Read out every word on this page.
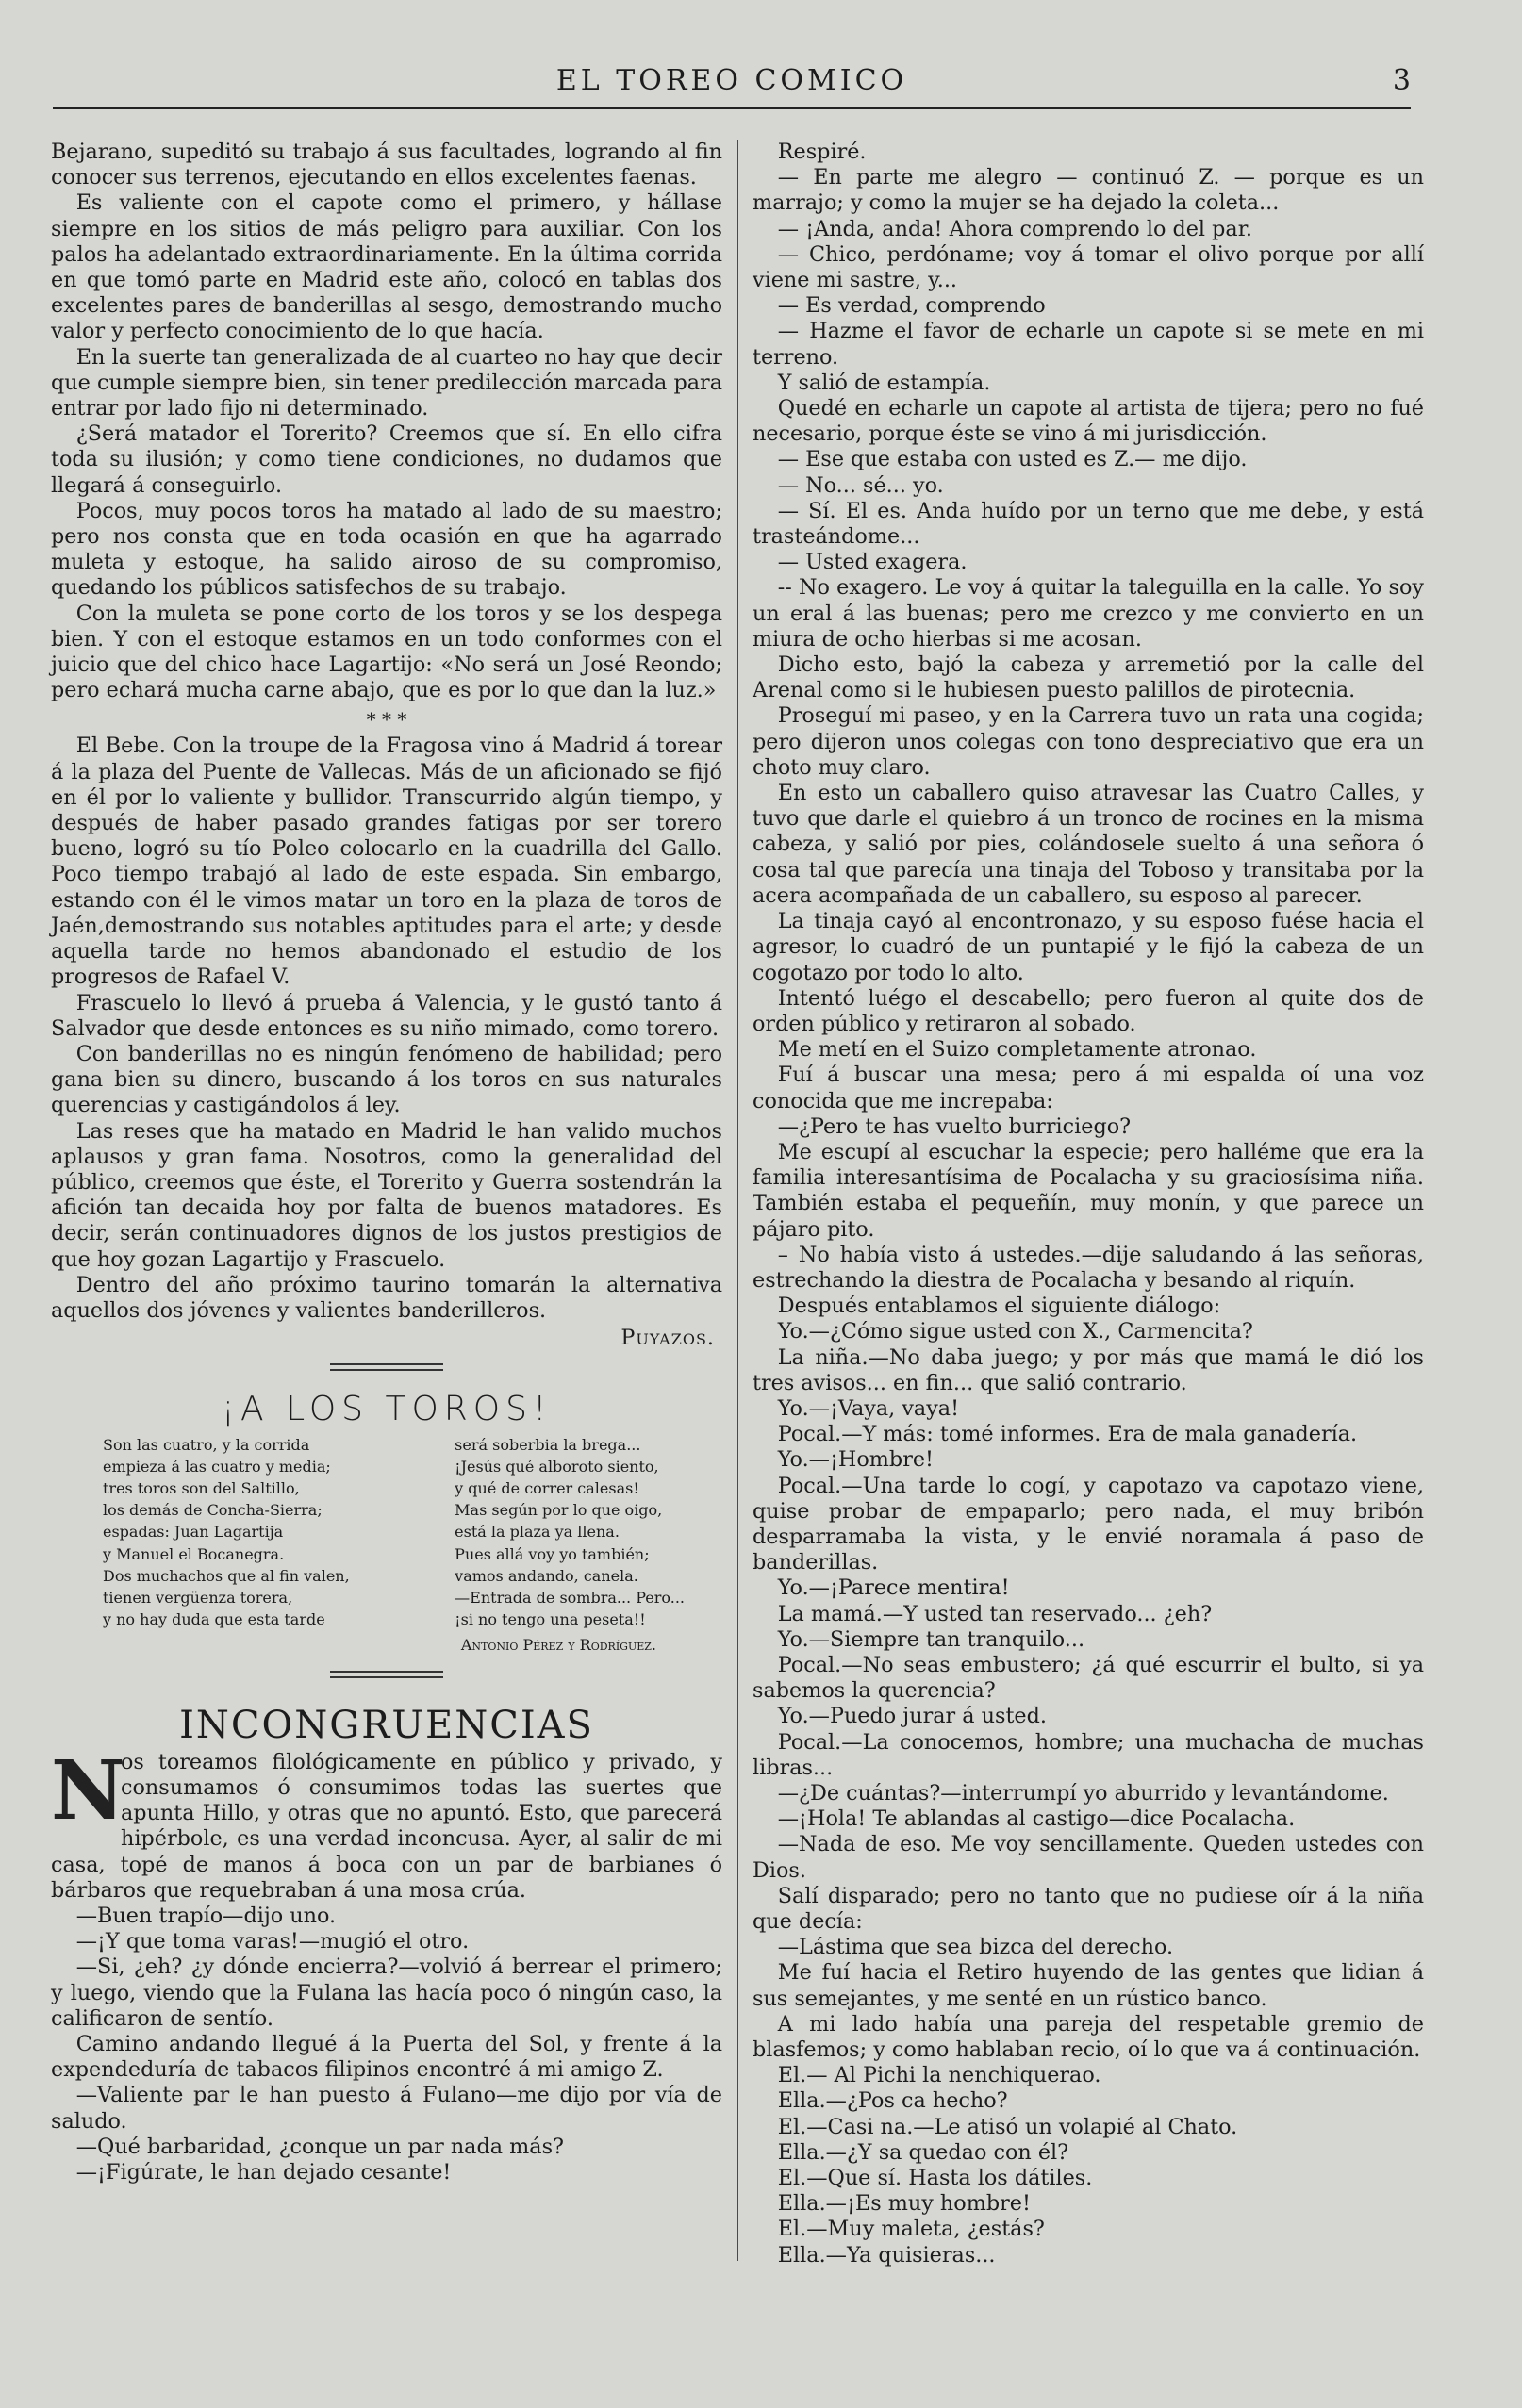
EL TOREO COMICO	3

Bejarano, supeditó su trabajo á sus facultades, logrando al fin conocer sus terrenos, ejecutando en ellos excelentes faenas.

Es valiente con el capote como el primero, y hállase siempre en los sitios de más peligro para auxiliar. Con los palos ha adelantado extraordinariamente. En la última corrida en que tomó parte en Madrid este año, colocó en tablas dos excelentes pares de banderillas al sesgo, demostrando mucho valor y perfecto conocimiento de lo que hacía.

En la suerte tan generalizada de al cuarteo no hay que decir que cumple siempre bien, sin tener predilección marcada para entrar por lado fijo ni determinado.

¿Será matador el Torerito? Creemos que sí. En ello cifra toda su ilusión; y como tiene condiciones, no dudamos que llegará á conseguirlo.

Pocos, muy pocos toros ha matado al lado de su maestro; pero nos consta que en toda ocasión en que ha agarrado muleta y estoque, ha salido airoso de su compromiso, quedando los públicos satisfechos de su trabajo.

Con la muleta se pone corto de los toros y se los despega bien. Y con el estoque estamos en un todo conformes con el juicio que del chico hace Lagartijo: «No será un José Reondo; pero echará mucha carne abajo, que es por lo que dan la luz.»

* * *

El Bebe. Con la troupe de la Fragosa vino á Madrid á torear á la plaza del Puente de Vallecas. Más de un aficionado se fijó en él por lo valiente y bullidor. Transcurrido algún tiempo, y después de haber pasado grandes fatigas por ser torero bueno, logró su tío Poleo colocarlo en la cuadrilla del Gallo. Poco tiempo trabajó al lado de este espada. Sin embargo, estando con él le vimos matar un toro en la plaza de toros de Jaén,demostrando sus notables aptitudes para el arte; y desde aquella tarde no hemos abandonado el estudio de los progresos de Rafael V.

Frascuelo lo llevó á prueba á Valencia, y le gustó tanto á Salvador que desde entonces es su niño mimado, como torero.

Con banderillas no es ningún fenómeno de habilidad; pero gana bien su dinero, buscando á los toros en sus naturales querencias y castigándolos á ley.

Las reses que ha matado en Madrid le han valido muchos aplausos y gran fama. Nosotros, como la generalidad del público, creemos que éste, el Torerito y Guerra sostendrán la afición tan decaida hoy por falta de buenos matadores. Es decir, serán continuadores dignos de los justos prestigios de que hoy gozan Lagartijo y Frascuelo.

Dentro del año próximo taurino tomarán la alternativa aquellos dos jóvenes y valientes banderilleros.

Puyazos.
¡A LOS TOROS!
Son las cuatro, y la corrida
empieza á las cuatro y media;
tres toros son del Saltillo,
los demás de Concha-Sierra;
espadas: Juan Lagartija
y Manuel el Bocanegra.
Dos muchachos que al fin valen,
tienen vergüenza torera,
y no hay duda que esta tarde
será soberbia la brega...
¡Jesús qué alboroto siento,
y qué de correr calesas!
Mas según por lo que oigo,
está la plaza ya llena.
Pues allá voy yo también;
vamos andando, canela.
—Entrada de sombra... Pero...
¡si no tengo una peseta!!
Antonio Pérez y Rodríguez.
INCONGRUENCIAS

N
os toreamos filológicamente en público y privado, y consumamos ó consumimos todas las suertes que apunta Hillo, y otras que no apuntó. Esto, que parecerá hipérbole, es una verdad inconcusa. Ayer, al salir de mi casa, topé de manos á boca con un par de barbianes ó bárbaros que requebraban á una mosa crúa.

—Buen trapío—dijo uno.

—¡Y que toma varas!—mugió el otro.

—Si, ¿eh? ¿y dónde encierra?—volvió á berrear el primero; y luego, viendo que la Fulana las hacía poco ó ningún caso, la calificaron de sentío.

Camino andando llegué á la Puerta del Sol, y frente á la expendeduría de tabacos filipinos encontré á mi amigo Z.

—Valiente par le han puesto á Fulano—me dijo por vía de saludo.

—Qué barbaridad, ¿conque un par nada más?

—¡Figúrate, le han dejado cesante!

Respiré.

— En parte me alegro — continuó Z. — porque es un marrajo; y como la mujer se ha dejado la coleta...

— ¡Anda, anda! Ahora comprendo lo del par.

— Chico, perdóname; voy á tomar el olivo porque por allí viene mi sastre, y...

— Es verdad, comprendo

— Hazme el favor de echarle un capote si se mete en mi terreno.

Y salió de estampía.

Quedé en echarle un capote al artista de tijera; pero no fué necesario, porque éste se vino á mi jurisdicción.

— Ese que estaba con usted es Z.— me dijo.

— No... sé... yo.

— Sí. El es. Anda huído por un terno que me debe, y está trasteándome...

— Usted exagera.

-- No exagero. Le voy á quitar la taleguilla en la calle. Yo soy un eral á las buenas; pero me crezco y me convierto en un miura de ocho hierbas si me acosan.

Dicho esto, bajó la cabeza y arremetió por la calle del Arenal como si le hubiesen puesto palillos de pirotecnia.

Proseguí mi paseo, y en la Carrera tuvo un rata una cogida; pero dijeron unos colegas con tono despreciativo que era un choto muy claro.

En esto un caballero quiso atravesar las Cuatro Calles, y tuvo que darle el quiebro á un tronco de rocines en la misma cabeza, y salió por pies, colándosele suelto á una señora ó cosa tal que parecía una tinaja del Toboso y transitaba por la acera acompañada de un caballero, su esposo al parecer.

La tinaja cayó al encontronazo, y su esposo fuése hacia el agresor, lo cuadró de un puntapié y le fijó la cabeza de un cogotazo por todo lo alto.

Intentó luégo el descabello; pero fueron al quite dos de orden público y retiraron al sobado.

Me metí en el Suizo completamente atronao.

Fuí á buscar una mesa; pero á mi espalda oí una voz conocida que me increpaba:

—¿Pero te has vuelto burriciego?

Me escupí al escuchar la especie; pero halléme que era la familia interesantísima de Pocalacha y su graciosísima niña. También estaba el pequeñín, muy monín, y que parece un pájaro pito.

– No había visto á ustedes.—dije saludando á las señoras, estrechando la diestra de Pocalacha y besando al riquín.

Después entablamos el siguiente diálogo:

Yo.—¿Cómo sigue usted con X., Carmencita?

La niña.—No daba juego; y por más que mamá le dió los tres avisos... en fin... que salió contrario.

Yo.—¡Vaya, vaya!

Pocal.—Y más: tomé informes. Era de mala ganadería.

Yo.—¡Hombre!

Pocal.—Una tarde lo cogí, y capotazo va capotazo viene, quise probar de empaparlo; pero nada, el muy bribón desparramaba la vista, y le envié noramala á paso de banderillas.

Yo.—¡Parece mentira!

La mamá.—Y usted tan reservado... ¿eh?

Yo.—Siempre tan tranquilo...

Pocal.—No seas embustero; ¿á qué escurrir el bulto, si ya sabemos la querencia?

Yo.—Puedo jurar á usted.

Pocal.—La conocemos, hombre; una muchacha de muchas libras...

—¿De cuántas?—interrumpí yo aburrido y levantándome.

—¡Hola! Te ablandas al castigo—dice Pocalacha.

—Nada de eso. Me voy sencillamente. Queden ustedes con Dios.

Salí disparado; pero no tanto que no pudiese oír á la niña que decía:

—Lástima que sea bizca del derecho.

Me fuí hacia el Retiro huyendo de las gentes que lidian á sus semejantes, y me senté en un rústico banco.

A mi lado había una pareja del respetable gremio de blasfemos; y como hablaban recio, oí lo que va á continuación.

El.— Al Pichi la nenchiquerao.

Ella.—¿Pos ca hecho?

El.—Casi na.—Le atisó un volapié al Chato.

Ella.—¿Y sa quedao con él?

El.—Que sí. Hasta los dátiles.

Ella.—¡Es muy hombre!

El.—Muy maleta, ¿estás?

Ella.—Ya quisieras...
